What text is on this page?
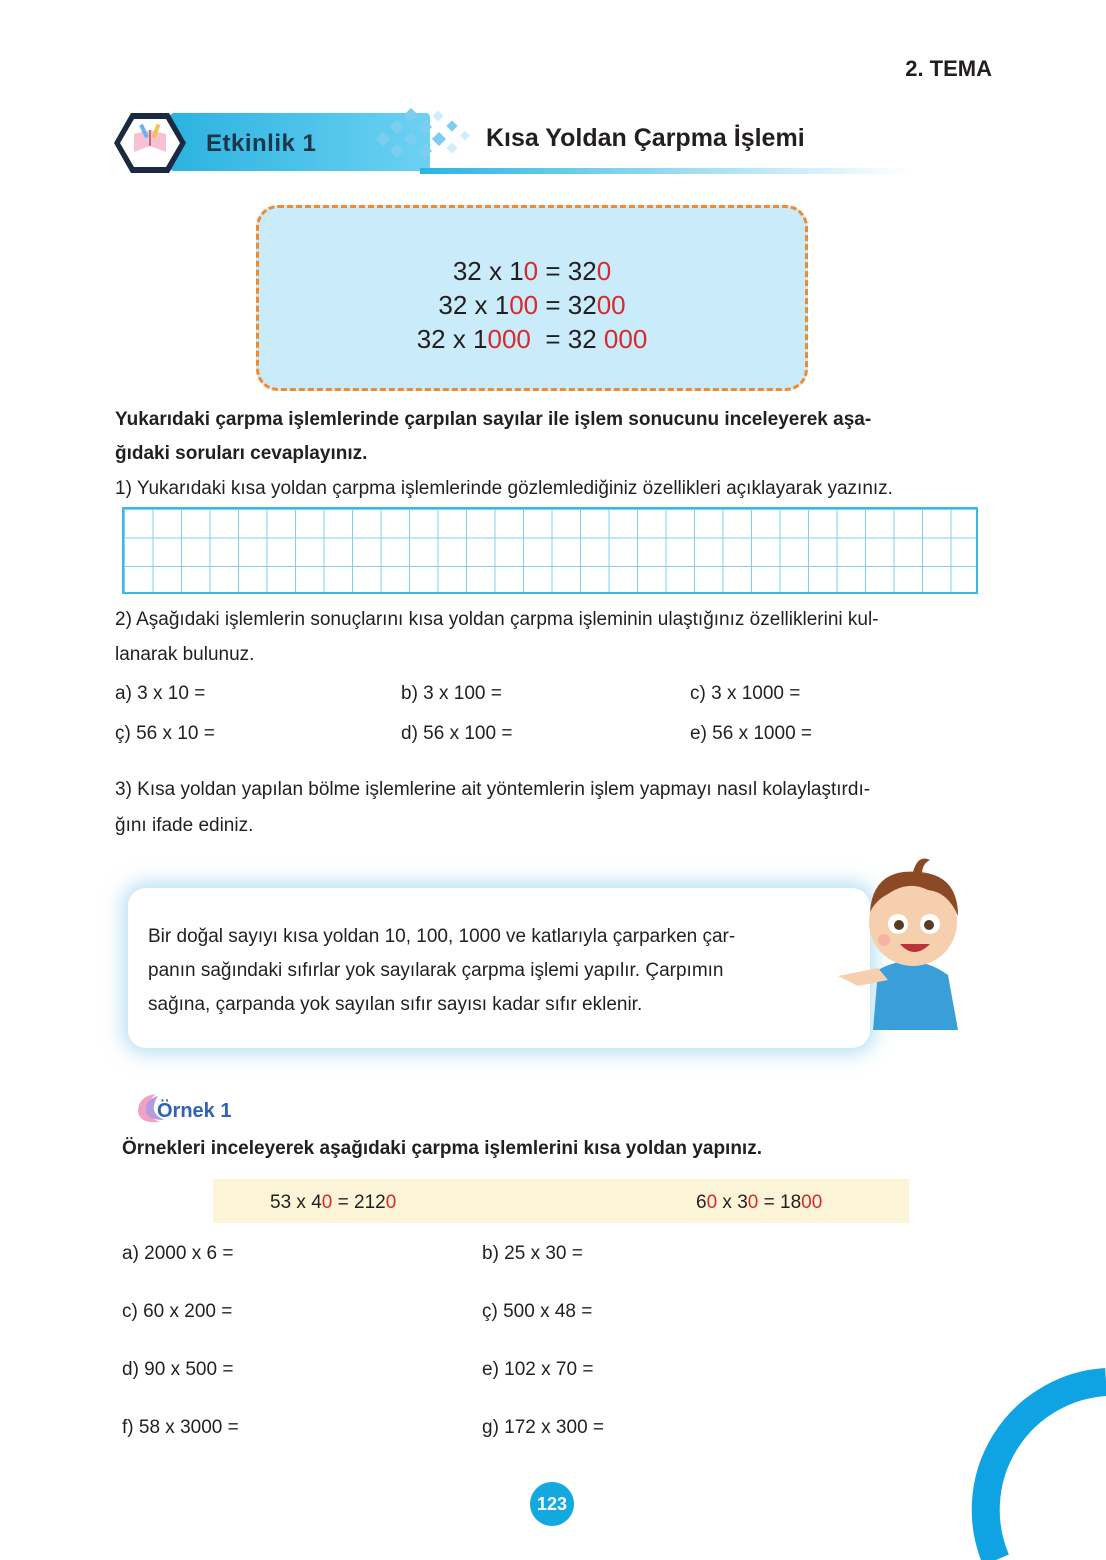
2. TEMA
Etkinlik 1	Kısa Yoldan Çarpma İşlemi
32 x 10 = 320
32 x 100 = 3200
32 x 1000  = 32 000
Yukarıdaki çarpma işlemlerinde çarpılan sayılar ile işlem sonucunu inceleyerek aşa-
ğıdaki soruları cevaplayınız.
1) Yukarıdaki kısa yoldan çarpma işlemlerinde gözlemlediğiniz özellikleri açıklayarak yazınız.
2) Aşağıdaki işlemlerin sonuçlarını kısa yoldan çarpma işleminin ulaştığınız özelliklerini kul-
lanarak bulunuz.
a) 3 x 10 =	b) 3 x 100 =	c) 3 x 1000 =
ç) 56 x 10 =	d) 56 x 100 =	e) 56 x 1000 =
3) Kısa yoldan yapılan bölme işlemlerine ait yöntemlerin işlem yapmayı nasıl kolaylaştırdı-
ğını ifade ediniz.
Bir doğal sayıyı kısa yoldan 10, 100, 1000 ve katlarıyla çarparken çar-
panın sağındaki sıfırlar yok sayılarak çarpma işlemi yapılır. Çarpımın
sağına, çarpanda yok sayılan sıfır sayısı kadar sıfır eklenir.
Örnek 1
Örnekleri inceleyerek aşağıdaki çarpma işlemlerini kısa yoldan yapınız.
53 x 40 = 2120	60 x 30 = 1800
a) 2000 x 6 =	b) 25 x 30 =
c) 60 x 200 =	ç) 500 x 48 =
d) 90 x 500 =	e) 102 x 70 =
f) 58 x 3000 =	g) 172 x 300 =
123
